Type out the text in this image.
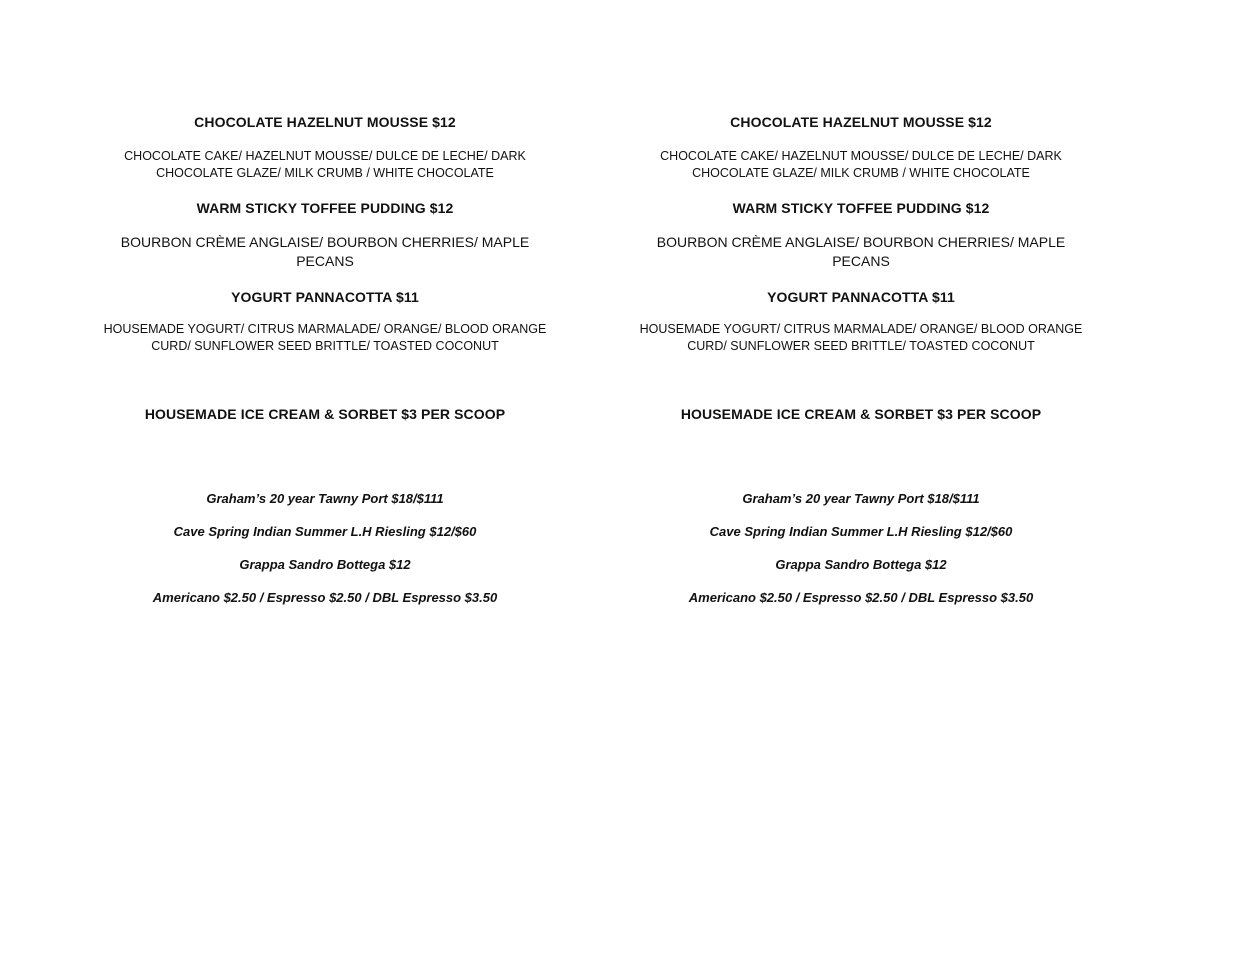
CHOCOLATE HAZELNUT MOUSSE $12

CHOCOLATE CAKE/ HAZELNUT MOUSSE/ DULCE DE LECHE/ DARK
CHOCOLATE GLAZE/ MILK CRUMB / WHITE CHOCOLATE

WARM STICKY TOFFEE PUDDING $12

BOURBON CRÈME ANGLAISE/ BOURBON CHERRIES/ MAPLE
PECANS

YOGURT PANNACOTTA $11

HOUSEMADE YOGURT/ CITRUS MARMALADE/ ORANGE/ BLOOD ORANGE
CURD/ SUNFLOWER SEED BRITTLE/ TOASTED COCONUT

HOUSEMADE ICE CREAM & SORBET $3 PER SCOOP

Graham’s 20 year Tawny Port $18/$111

Cave Spring Indian Summer L.H Riesling $12/$60

Grappa Sandro Bottega $12

Americano $2.50 / Espresso $2.50 / DBL Espresso $3.50

CHOCOLATE HAZELNUT MOUSSE $12

CHOCOLATE CAKE/ HAZELNUT MOUSSE/ DULCE DE LECHE/ DARK
CHOCOLATE GLAZE/ MILK CRUMB / WHITE CHOCOLATE

WARM STICKY TOFFEE PUDDING $12

BOURBON CRÈME ANGLAISE/ BOURBON CHERRIES/ MAPLE
PECANS

YOGURT PANNACOTTA $11

HOUSEMADE YOGURT/ CITRUS MARMALADE/ ORANGE/ BLOOD ORANGE
CURD/ SUNFLOWER SEED BRITTLE/ TOASTED COCONUT

HOUSEMADE ICE CREAM & SORBET $3 PER SCOOP

Graham’s 20 year Tawny Port $18/$111

Cave Spring Indian Summer L.H Riesling $12/$60

Grappa Sandro Bottega $12

Americano $2.50 / Espresso $2.50 / DBL Espresso $3.50
